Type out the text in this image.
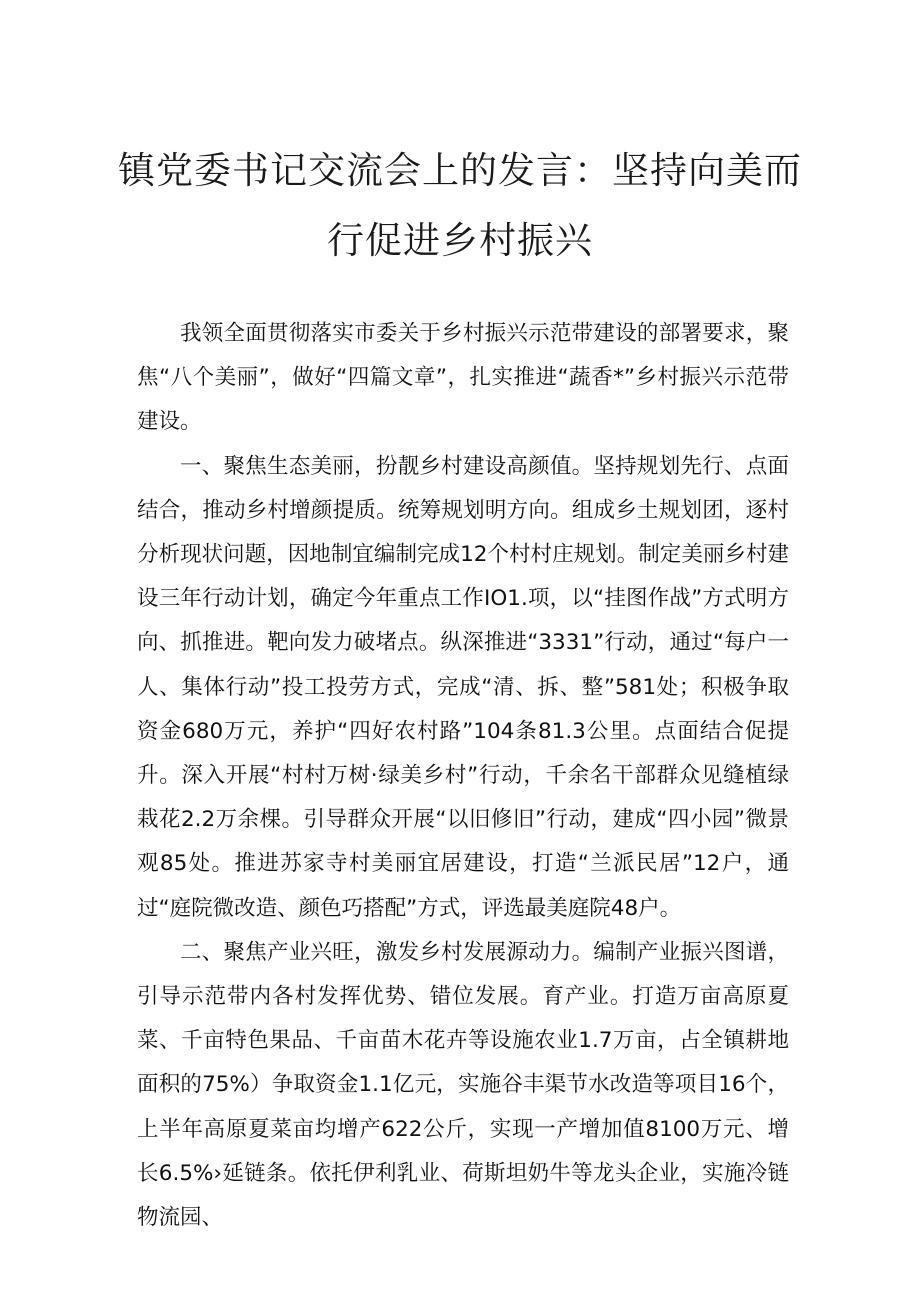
镇党委书记交流会上的发言：坚持向美而
行促进乡村振兴

我领全面贯彻落实市委关于乡村振兴示范带建设的部署要求，聚焦“八个美丽”，做好“四篇文章”，扎实推进“蔬香*”乡村振兴示范带建设。

一、聚焦生态美丽，扮靓乡村建设高颜值。坚持规划先行、点面结合，推动乡村增颜提质。统筹规划明方向。组成乡土规划团，逐村分析现状问题，因地制宜编制完成12个村村庄规划。制定美丽乡村建设三年行动计划，确定今年重点工作IO1.项，以“挂图作战”方式明方向、抓推进。靶向发力破堵点。纵深推进“3331”行动，通过“每户一人、集体行动”投工投劳方式，完成“清、拆、整”581处；积极争取资金680万元，养护“四好农村路”104条81.3公里。点面结合促提升。深入开展“村村万树·绿美乡村”行动，千余名干部群众见缝植绿栽花2.2万余棵。引导群众开展“以旧修旧”行动，建成“四小园”微景观85处。推进苏家寺村美丽宜居建设，打造“兰派民居”12户，通过“庭院微改造、颜色巧搭配”方式，评选最美庭院48户。

二、聚焦产业兴旺，激发乡村发展源动力。编制产业振兴图谱，引导示范带内各村发挥优势、错位发展。育产业。打造万亩高原夏菜、千亩特色果品、千亩苗木花卉等设施农业1.7万亩，占全镇耕地面积的75%）争取资金1.1亿元，实施谷丰渠节水改造等项目16个，上半年高原夏菜亩均增产622公斤，实现一产增加值8100万元、增长6.5%›延链条。依托伊利乳业、荷斯坦奶牛等龙头企业，实施冷链物流园、
